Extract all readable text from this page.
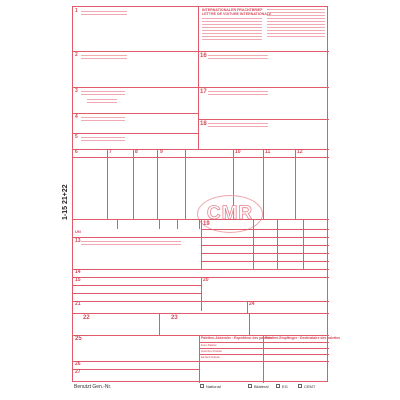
1-15 21+22

INTERNATIONALER FRACHTBRIEF
LETTRE DE VOITURE INTERNATIONALE
1
2
3
4
5
16
17
18
6	7	8	9	10	11	12
CMR
UN
13
19
14
15	20
21	24
22	23
25	Paletten-Absender · Expéditeur des palettes
Paletten-Empfänger · Destinataire des palettes
Euro-Palette
Gitterbox-Palette
Einfach-Palette
26
27
Benutzt Gen.-Nr.	National	Bilateral	EG	CEMT
